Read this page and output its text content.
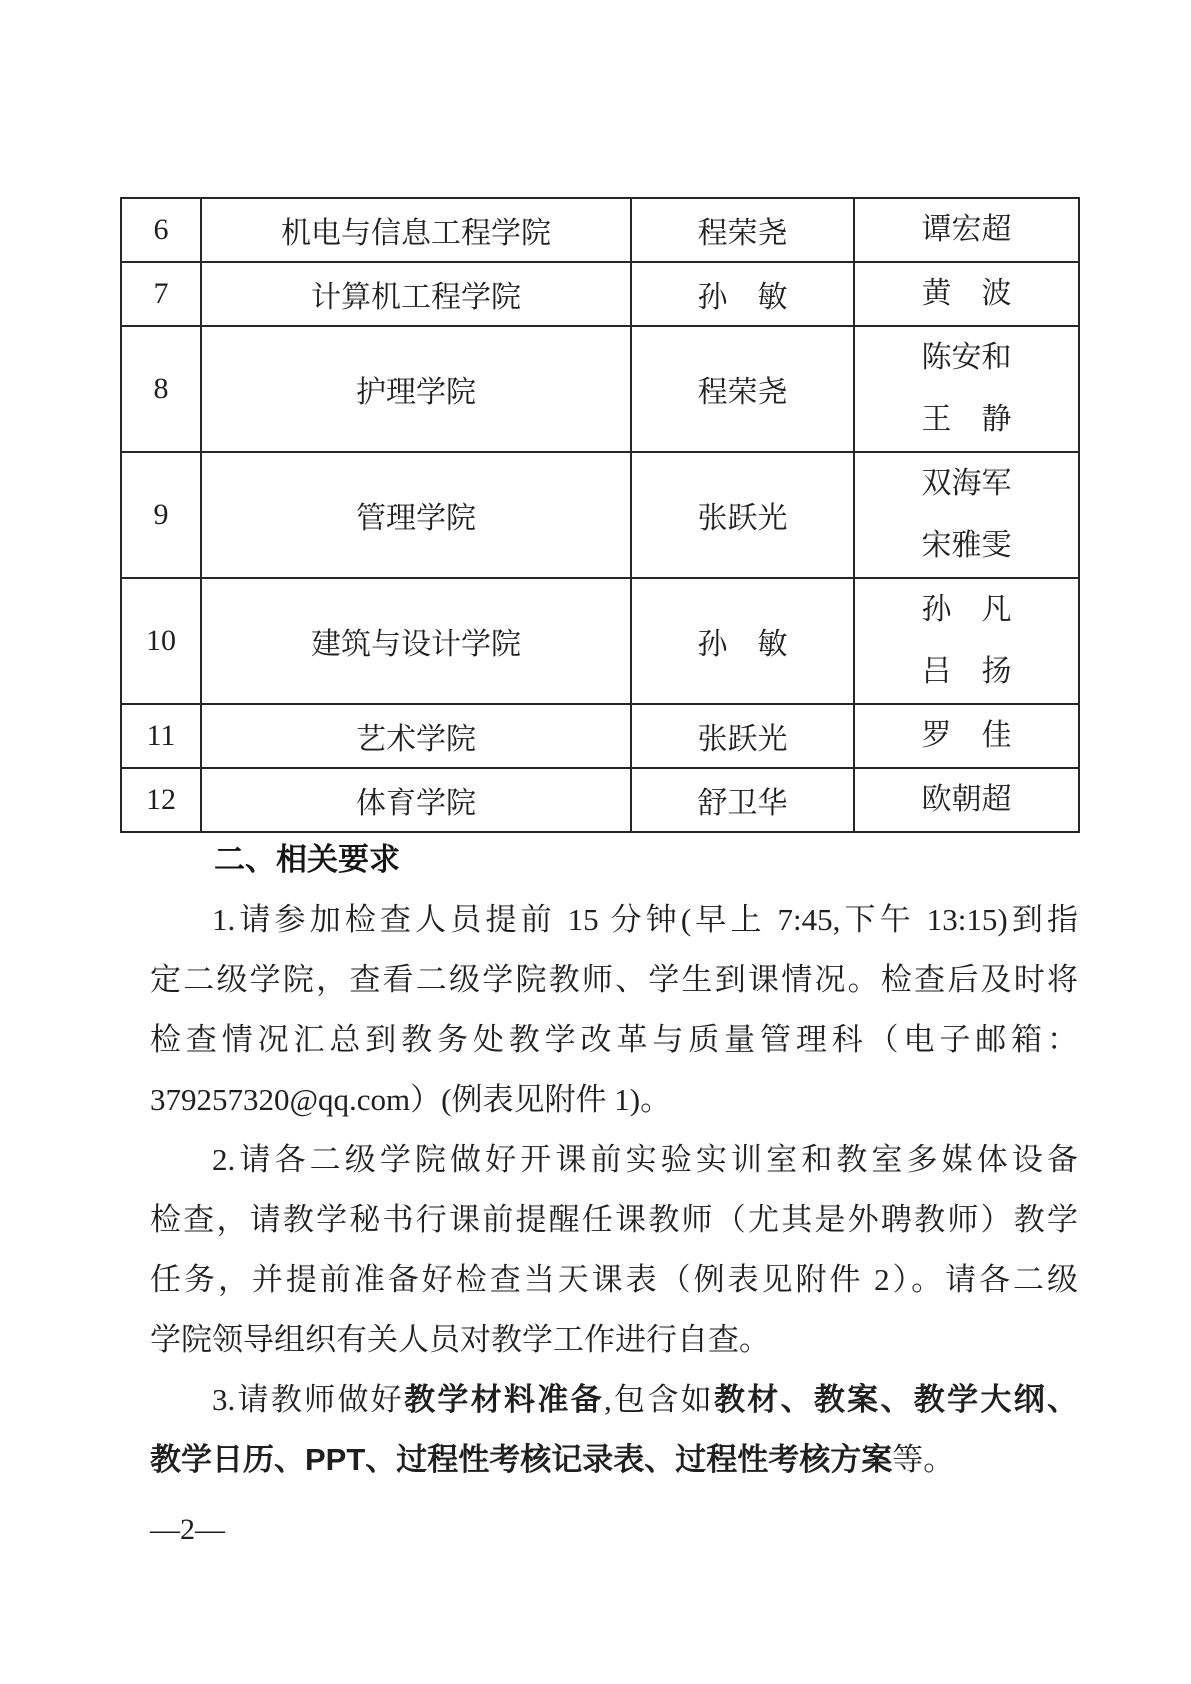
6	机电与信息工程学院	程荣尧	谭宏超

7	计算机工程学院	孙　敏	黄　波

8	护理学院	程荣尧	陈安和
王　静

9	管理学院	张跃光	双海军
宋雅雯

10	建筑与设计学院	孙　敏	孙　凡
吕　扬

11	艺术学院	张跃光	罗　佳

12	体育学院	舒卫华	欧朝超
二、相关要求
1.请参加检查人员提前 15 分钟(早上 7:45,下午 13:15)到指
定二级学院，查看二级学院教师、学生到课情况。检查后及时将
检查情况汇总到教务处教学改革与质量管理科（电子邮箱：
379257320@qq.com）(例表见附件 1)。
2.请各二级学院做好开课前实验实训室和教室多媒体设备
检查，请教学秘书行课前提醒任课教师（尤其是外聘教师）教学
任务，并提前准备好检查当天课表（例表见附件 2）。请各二级
学院领导组织有关人员对教学工作进行自查。
3.请教师做好教学材料准备,包含如教材、教案、教学大纲、
教学日历、PPT、过程性考核记录表、过程性考核方案等。
—2—
